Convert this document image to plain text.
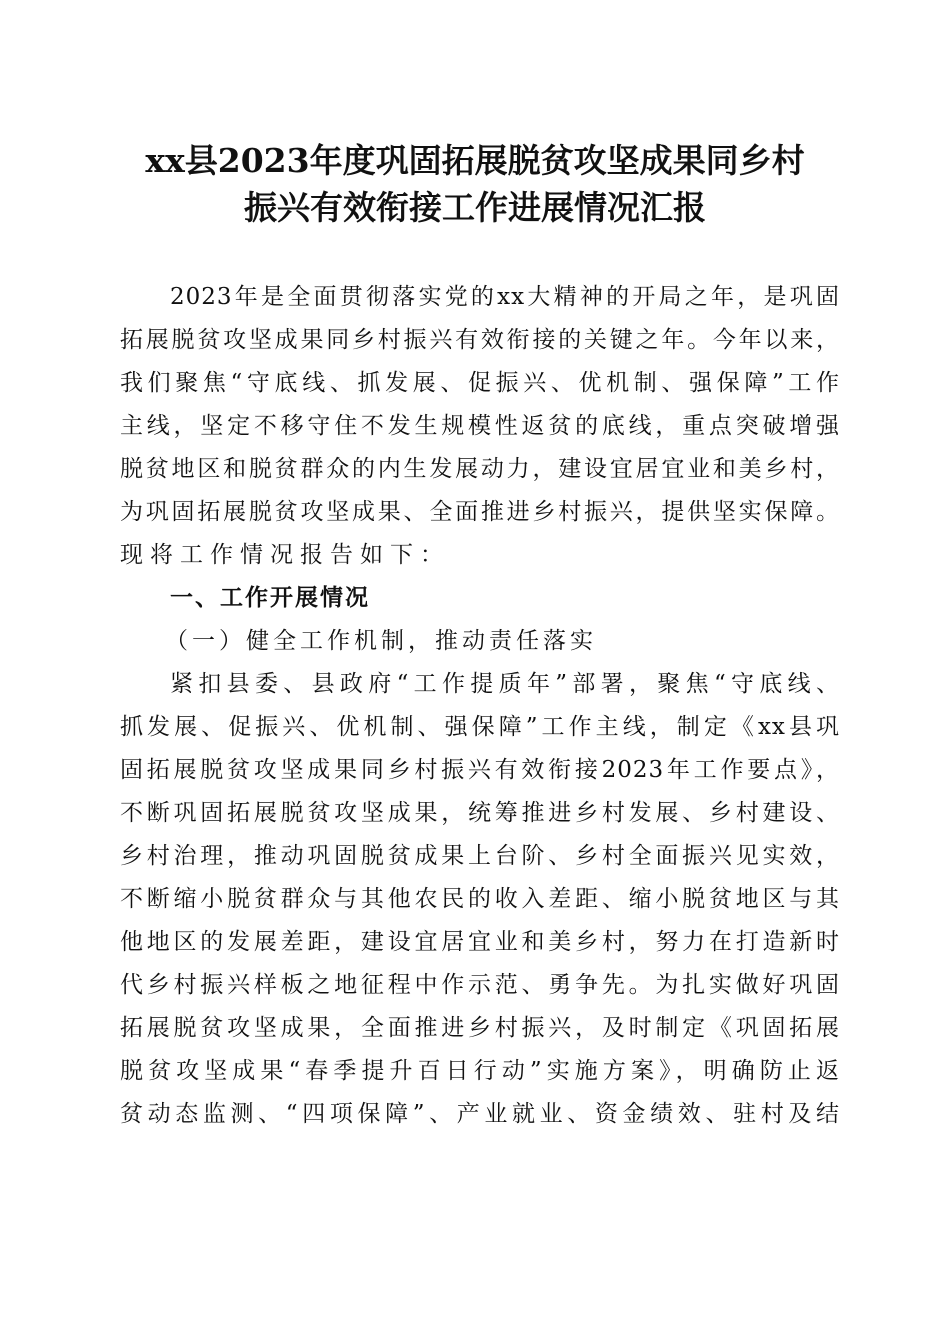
xx县2023年度巩固拓展脱贫攻坚成果同乡村
振兴有效衔接工作进展情况汇报
2023年是全面贯彻落实党的xx大精神的开局之年，是巩固
拓展脱贫攻坚成果同乡村振兴有效衔接的关键之年。今年以来，
我们聚焦“守底线、抓发展、促振兴、优机制、强保障”工作
主线，坚定不移守住不发生规模性返贫的底线，重点突破增强
脱贫地区和脱贫群众的内生发展动力，建设宜居宜业和美乡村，
为巩固拓展脱贫攻坚成果、全面推进乡村振兴，提供坚实保障。
现将工作情况报告如下：
一、工作开展情况
（一）健全工作机制，推动责任落实
紧扣县委、县政府“工作提质年”部署，聚焦“守底线、
抓发展、促振兴、优机制、强保障”工作主线，制定《xx县巩
固拓展脱贫攻坚成果同乡村振兴有效衔接2023年工作要点》，
不断巩固拓展脱贫攻坚成果，统筹推进乡村发展、乡村建设、
乡村治理，推动巩固脱贫成果上台阶、乡村全面振兴见实效，
不断缩小脱贫群众与其他农民的收入差距、缩小脱贫地区与其
他地区的发展差距，建设宜居宜业和美乡村，努力在打造新时
代乡村振兴样板之地征程中作示范、勇争先。为扎实做好巩固
拓展脱贫攻坚成果，全面推进乡村振兴，及时制定《巩固拓展
脱贫攻坚成果“春季提升百日行动”实施方案》，明确防止返
贫动态监测、“四项保障”、产业就业、资金绩效、驻村及结
